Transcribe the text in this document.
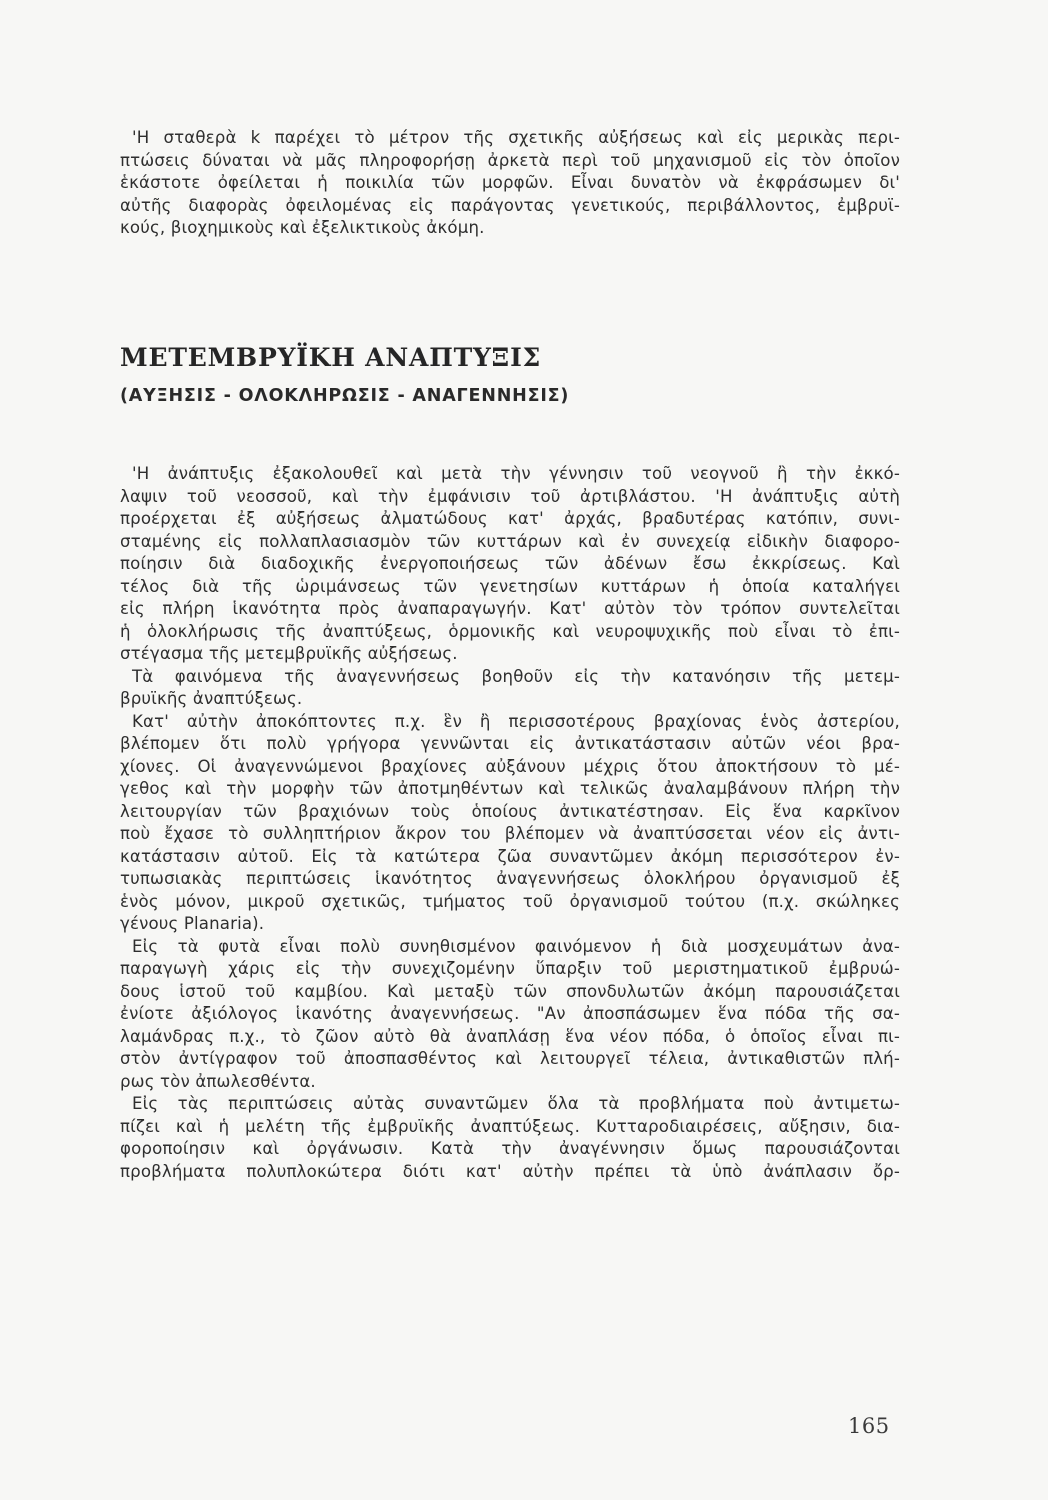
'Η σταθερὰ k παρέχει τὸ μέτρον τῆς σχετικῆς αὐξήσεως καὶ εἰς μερικὰς περι-
πτώσεις δύναται νὰ μᾶς πληροφορήσῃ ἀρκετὰ περὶ τοῦ μηχανισμοῦ εἰς τὸν ὁποῖον
ἑκάστοτε ὀφείλεται ἡ ποικιλία τῶν μορφῶν. Εἶναι δυνατὸν νὰ ἐκφράσωμεν δι'
αὐτῆς διαφορὰς ὀφειλομένας εἰς παράγοντας γενετικούς, περιβάλλοντος, ἐμβρυϊ-
κούς, βιοχημικοὺς καὶ ἐξελικτικοὺς ἀκόμη.
ΜΕΤΕΜΒΡΥΪΚΗ ΑΝΑΠΤΥΞΙΣ
(ΑΥΞΗΣΙΣ - ΟΛΟΚΛΗΡΩΣΙΣ - ΑΝΑΓΕΝΝΗΣΙΣ)
'Η ἀνάπτυξις ἐξακολουθεῖ καὶ μετὰ τὴν γέννησιν τοῦ νεογνοῦ ἢ τὴν ἐκκό-
λαψιν τοῦ νεοσσοῦ, καὶ τὴν ἐμφάνισιν τοῦ ἀρτιβλάστου. 'Η ἀνάπτυξις αὐτὴ
προέρχεται ἐξ αὐξήσεως ἀλματώδους κατ' ἀρχάς, βραδυτέρας κατόπιν, συνι-
σταμένης εἰς πολλαπλασιασμὸν τῶν κυττάρων καὶ ἐν συνεχείᾳ εἰδικὴν διαφορο-
ποίησιν διὰ διαδοχικῆς ἐνεργοποιήσεως τῶν ἀδένων ἔσω ἐκκρίσεως. Καὶ
τέλος διὰ τῆς ὡριμάνσεως τῶν γενετησίων κυττάρων ἡ ὁποία καταλήγει
εἰς πλήρη ἱκανότητα πρὸς ἀναπαραγωγήν. Κατ' αὐτὸν τὸν τρόπον συντελεῖται
ἡ ὁλοκλήρωσις τῆς ἀναπτύξεως, ὁρμονικῆς καὶ νευροψυχικῆς ποὺ εἶναι τὸ ἐπι-
στέγασμα τῆς μετεμβρυϊκῆς αὐξήσεως.
Τὰ φαινόμενα τῆς ἀναγεννήσεως βοηθοῦν εἰς τὴν κατανόησιν τῆς μετεμ-
βρυϊκῆς ἀναπτύξεως.
Κατ' αὐτὴν ἀποκόπτοντες π.χ. ἓν ἢ περισσοτέρους βραχίονας ἑνὸς ἀστερίου,
βλέπομεν ὅτι πολὺ γρήγορα γεννῶνται εἰς ἀντικατάστασιν αὐτῶν νέοι βρα-
χίονες. Οἱ ἀναγεννώμενοι βραχίονες αὐξάνουν μέχρις ὅτου ἀποκτήσουν τὸ μέ-
γεθος καὶ τὴν μορφὴν τῶν ἀποτμηθέντων καὶ τελικῶς ἀναλαμβάνουν πλήρη τὴν
λειτουργίαν τῶν βραχιόνων τοὺς ὁποίους ἀντικατέστησαν. Εἰς ἕνα καρκῖνον
ποὺ ἔχασε τὸ συλληπτήριον ἄκρον του βλέπομεν νὰ ἀναπτύσσεται νέον εἰς ἀντι-
κατάστασιν αὐτοῦ. Εἰς τὰ κατώτερα ζῶα συναντῶμεν ἀκόμη περισσότερον ἐν-
τυπωσιακὰς περιπτώσεις ἱκανότητος ἀναγεννήσεως ὁλοκλήρου ὀργανισμοῦ ἐξ
ἑνὸς μόνον, μικροῦ σχετικῶς, τμήματος τοῦ ὀργανισμοῦ τούτου (π.χ. σκώληκες
γένους Planaria).
Εἰς τὰ φυτὰ εἶναι πολὺ συνηθισμένον φαινόμενον ἡ διὰ μοσχευμάτων ἀνα-
παραγωγὴ χάρις εἰς τὴν συνεχιζομένην ὕπαρξιν τοῦ μεριστηματικοῦ ἐμβρυώ-
δους ἱστοῦ τοῦ καμβίου. Καὶ μεταξὺ τῶν σπονδυλωτῶν ἀκόμη παρουσιάζεται
ἐνίοτε ἀξιόλογος ἱκανότης ἀναγεννήσεως. "Αν ἀποσπάσωμεν ἕνα πόδα τῆς σα-
λαμάνδρας π.χ., τὸ ζῶον αὐτὸ θὰ ἀναπλάσῃ ἕνα νέον πόδα, ὁ ὁποῖος εἶναι πι-
στὸν ἀντίγραφον τοῦ ἀποσπασθέντος καὶ λειτουργεῖ τέλεια, ἀντικαθιστῶν πλή-
ρως τὸν ἀπωλεσθέντα.
Εἰς τὰς περιπτώσεις αὐτὰς συναντῶμεν ὅλα τὰ προβλήματα ποὺ ἀντιμετω-
πίζει καὶ ἡ μελέτη τῆς ἐμβρυϊκῆς ἀναπτύξεως. Κυτταροδιαιρέσεις, αὔξησιν, δια-
φοροποίησιν καὶ ὀργάνωσιν. Κατὰ τὴν ἀναγέννησιν ὅμως παρουσιάζονται
προβλήματα πολυπλοκώτερα διότι κατ' αὐτὴν πρέπει τὰ ὑπὸ ἀνάπλασιν ὄρ-
165
